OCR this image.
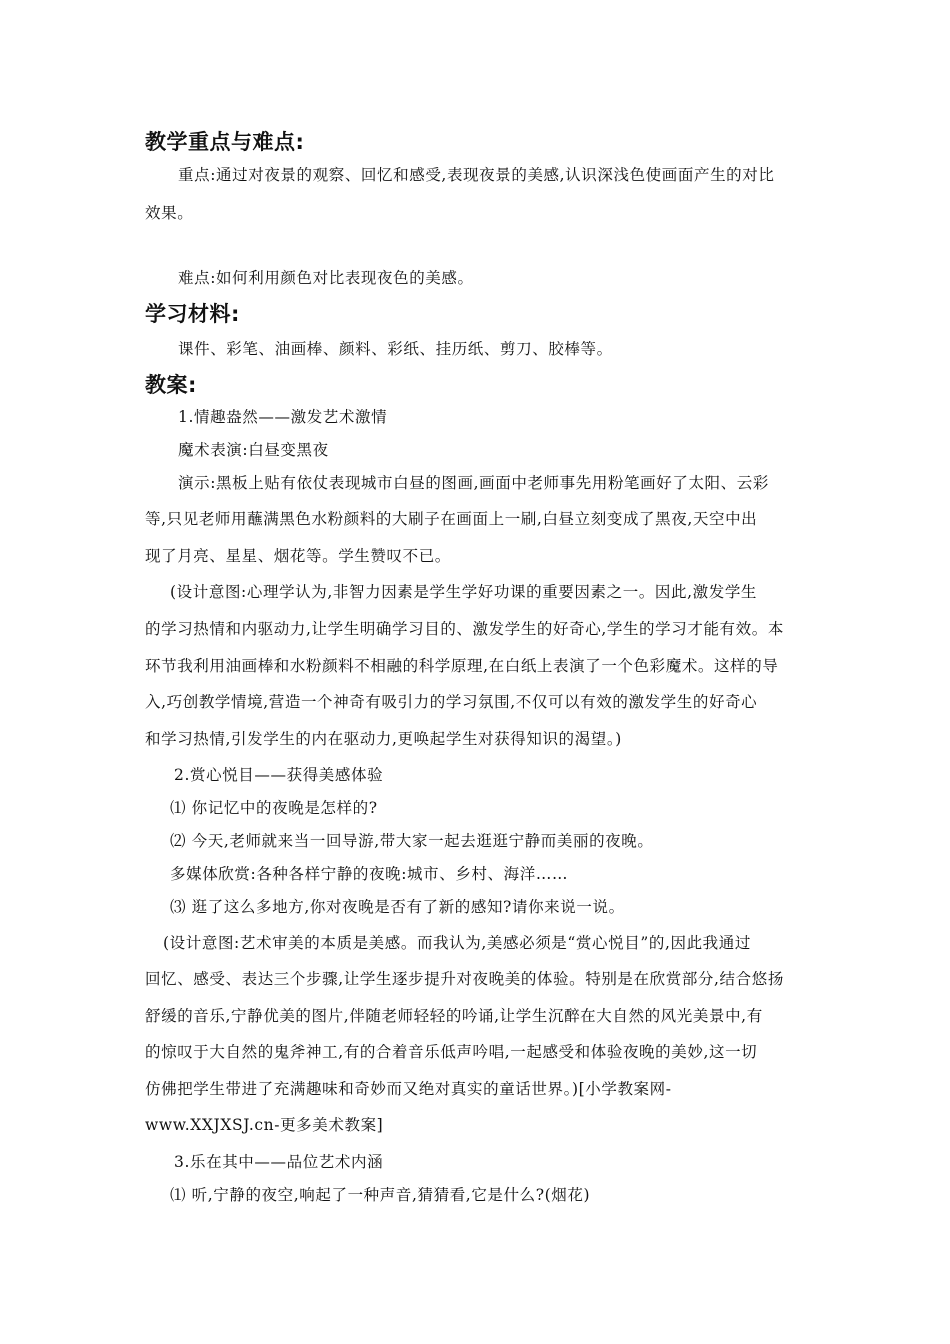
教学重点与难点:
重点:通过对夜景的观察、回忆和感受,表现夜景的美感,认识深浅色使画面产生的对比
效果。
难点:如何利用颜色对比表现夜色的美感。
学习材料:
课件、彩笔、油画棒、颜料、彩纸、挂历纸、剪刀、胶棒等。
教案:
1.情趣盎然——激发艺术激情
魔术表演:白昼变黑夜
演示:黑板上贴有依仗表现城市白昼的图画,画面中老师事先用粉笔画好了太阳、云彩
等,只见老师用蘸满黑色水粉颜料的大刷子在画面上一刷,白昼立刻变成了黑夜,天空中出
现了月亮、星星、烟花等。学生赞叹不已。
(设计意图:心理学认为,非智力因素是学生学好功课的重要因素之一。因此,激发学生
的学习热情和内驱动力,让学生明确学习目的、激发学生的好奇心,学生的学习才能有效。本
环节我利用油画棒和水粉颜料不相融的科学原理,在白纸上表演了一个色彩魔术。这样的导
入,巧创教学情境,营造一个神奇有吸引力的学习氛围,不仅可以有效的激发学生的好奇心
和学习热情,引发学生的内在驱动力,更唤起学生对获得知识的渴望。)
2.赏心悦目——获得美感体验
⑴ 你记忆中的夜晚是怎样的?
⑵ 今天,老师就来当一回导游,带大家一起去逛逛宁静而美丽的夜晚。
多媒体欣赏:各种各样宁静的夜晚:城市、乡村、海洋……
⑶ 逛了这么多地方,你对夜晚是否有了新的感知?请你来说一说。
(设计意图:艺术审美的本质是美感。而我认为,美感必须是“赏心悦目”的,因此我通过
回忆、感受、表达三个步骤,让学生逐步提升对夜晚美的体验。特别是在欣赏部分,结合悠扬
舒缓的音乐,宁静优美的图片,伴随老师轻轻的吟诵,让学生沉醉在大自然的风光美景中,有
的惊叹于大自然的鬼斧神工,有的合着音乐低声吟唱,一起感受和体验夜晚的美妙,这一切
仿佛把学生带进了充满趣味和奇妙而又绝对真实的童话世界。)[小学教案网-
www.XXJXSJ.cn-更多美术教案]
3.乐在其中——品位艺术内涵
⑴ 听,宁静的夜空,响起了一种声音,猜猜看,它是什么?(烟花)
